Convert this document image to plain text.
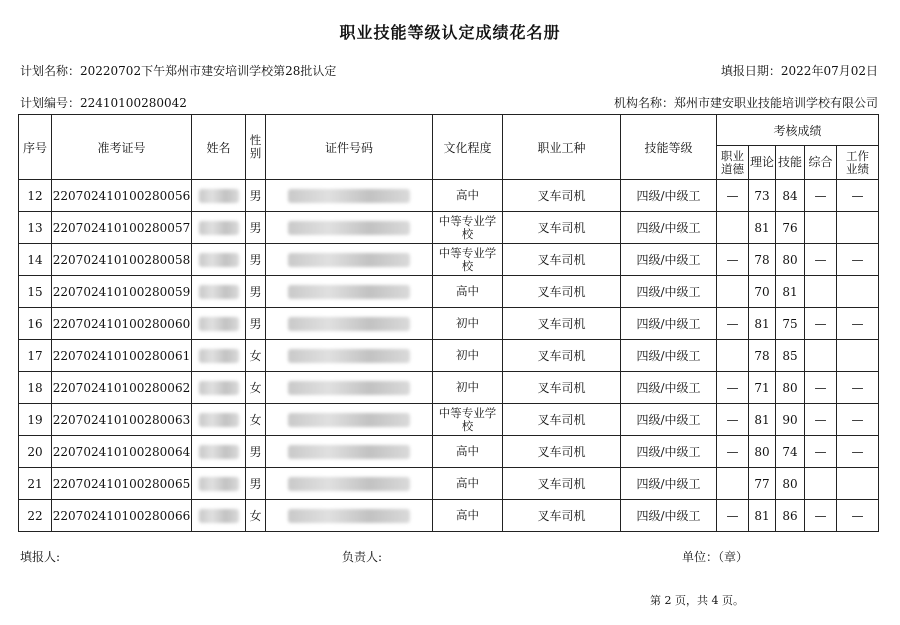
职业技能等级认定成绩花名册
计划名称：20220702下午郑州市建安培训学校第28批认定	填报日期：2022年07月02日
计划编号：22410100280042	机构名称：郑州市建安职业技能培训学校有限公司
序号	准考证号	姓名	性别	证件号码	文化程度	职业工种	技能等级	考核成绩				

								职业道德	理论	技能	综合	工作业绩

12	220702410100280056		男		高中	叉车司机	四级/中级工	—	73	84	—	—
13	220702410100280057		男		中等专业学校	叉车司机	四级/中级工		81	76		
14	220702410100280058		男		中等专业学校	叉车司机	四级/中级工	—	78	80	—	—
15	220702410100280059		男		高中	叉车司机	四级/中级工		70	81		
16	220702410100280060		男		初中	叉车司机	四级/中级工	—	81	75	—	—
17	220702410100280061		女		初中	叉车司机	四级/中级工		78	85		
18	220702410100280062		女		初中	叉车司机	四级/中级工	—	71	80	—	—
19	220702410100280063		女		中等专业学校	叉车司机	四级/中级工	—	81	90	—	—
20	220702410100280064		男		高中	叉车司机	四级/中级工	—	80	74	—	—
21	220702410100280065		男		高中	叉车司机	四级/中级工		77	80		
22	220702410100280066		女		高中	叉车司机	四级/中级工	—	81	86	—	—
填报人:	负责人:	单位：（章）
第 2 页，共 4 页。
